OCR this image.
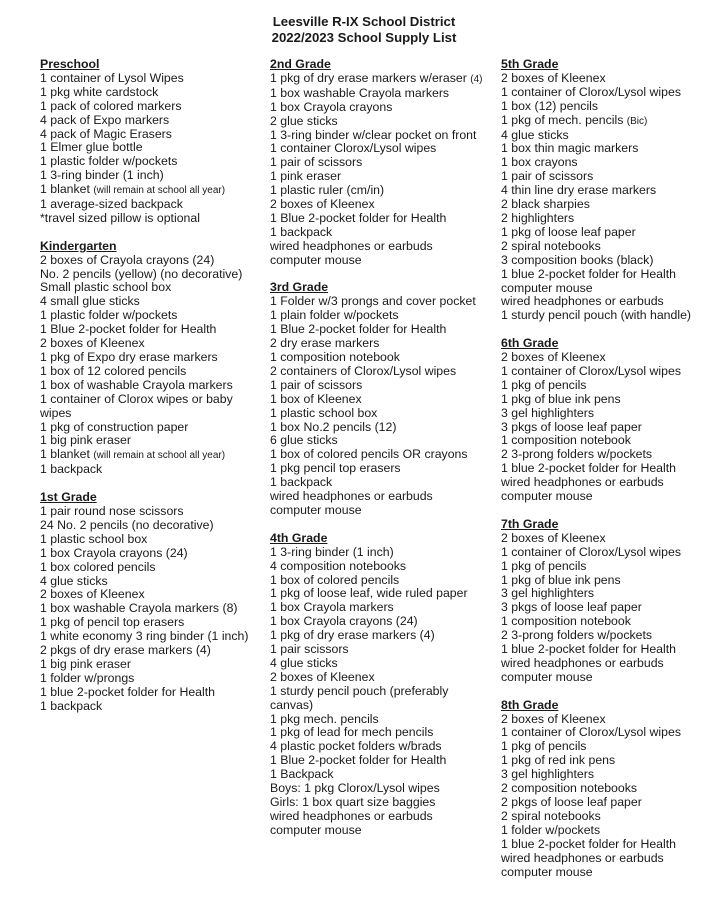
Leesville R-IX School District
2022/2023 School Supply List
Preschool
1 container of Lysol Wipes
1 pkg white cardstock
1 pack of colored markers
4 pack of Expo markers
4 pack of Magic Erasers
1 Elmer glue bottle
1 plastic folder w/pockets
1 3-ring binder (1 inch)
1 blanket (will remain at school all year)
1 average-sized backpack
*travel sized pillow is optional
Kindergarten
2 boxes of Crayola crayons (24)
No. 2 pencils (yellow) (no decorative)
Small plastic school box
4 small glue sticks
1 plastic folder w/pockets
1 Blue 2-pocket folder for Health
2 boxes of Kleenex
1 pkg of Expo dry erase markers
1 box of 12 colored pencils
1 box of washable Crayola markers
1 container of Clorox wipes or baby wipes
1 pkg of construction paper
1 big pink eraser
1 blanket (will remain at school all year)
1 backpack
1st Grade
1 pair round nose scissors
24 No. 2 pencils (no decorative)
1 plastic school box
1 box Crayola crayons (24)
1 box colored pencils
4 glue sticks
2 boxes of Kleenex
1 box washable Crayola markers (8)
1 pkg of pencil top erasers
1 white economy 3 ring binder (1 inch)
2 pkgs of dry erase markers (4)
1 big pink eraser
1 folder w/prongs
1 blue 2-pocket folder for Health
1 backpack
2nd Grade
1 pkg of dry erase markers w/eraser (4)
1 box washable Crayola markers
1 box Crayola crayons
2 glue sticks
1 3-ring binder w/clear pocket on front
1 container Clorox/Lysol wipes
1 pair of scissors
1 pink eraser
1 plastic ruler (cm/in)
2 boxes of Kleenex
1 Blue 2-pocket folder for Health
1 backpack
wired headphones or earbuds
computer mouse
3rd Grade
1 Folder w/3 prongs and cover pocket
1 plain folder w/pockets
1 Blue 2-pocket folder for Health
2 dry erase markers
1 composition notebook
2 containers of Clorox/Lysol wipes
1 pair of scissors
1 box of Kleenex
1 plastic school box
1 box No.2 pencils (12)
6 glue sticks
1 box of colored pencils OR crayons
1 pkg pencil top erasers
1 backpack
wired headphones or earbuds
computer mouse
4th Grade
1 3-ring binder (1 inch)
4 composition notebooks
1 box of colored pencils
1 pkg of loose leaf, wide ruled paper
1 box Crayola markers
1 box Crayola crayons (24)
1 pkg of dry erase markers (4)
1 pair scissors
4 glue sticks
2 boxes of Kleenex
1 sturdy pencil pouch (preferably canvas)
1 pkg mech. pencils
1 pkg of lead for mech pencils
4 plastic pocket folders w/brads
1 Blue 2-pocket folder for Health
1 Backpack
Boys: 1 pkg Clorox/Lysol wipes
Girls: 1 box quart size baggies
wired headphones or earbuds
computer mouse
5th Grade
2 boxes of Kleenex
1 container of Clorox/Lysol wipes
1 box (12) pencils
1 pkg of mech. pencils (Bic)
4 glue sticks
1 box thin magic markers
1 box crayons
1 pair of scissors
4 thin line dry erase markers
2 black sharpies
2 highlighters
1 pkg of loose leaf paper
2 spiral notebooks
3 composition books (black)
1 blue 2-pocket folder for Health
computer mouse
wired headphones or earbuds
1 sturdy pencil pouch (with handle)
6th Grade
2 boxes of Kleenex
1 container of Clorox/Lysol wipes
1 pkg of pencils
1 pkg of blue ink pens
3 gel highlighters
3 pkgs of loose leaf paper
1 composition notebook
2 3-prong folders w/pockets
1 blue 2-pocket folder for Health
wired headphones or earbuds
computer mouse
7th Grade
2 boxes of Kleenex
1 container of Clorox/Lysol wipes
1 pkg of pencils
1 pkg of blue ink pens
3 gel highlighters
3 pkgs of loose leaf paper
1 composition notebook
2 3-prong folders w/pockets
1 blue 2-pocket folder for Health
wired headphones or earbuds
computer mouse
8th Grade
2 boxes of Kleenex
1 container of Clorox/Lysol wipes
1 pkg of pencils
1 pkg of red ink pens
3 gel highlighters
2 composition notebooks
2 pkgs of loose leaf paper
2 spiral notebooks
1 folder w/pockets
1 blue 2-pocket folder for Health
wired headphones or earbuds
computer mouse
